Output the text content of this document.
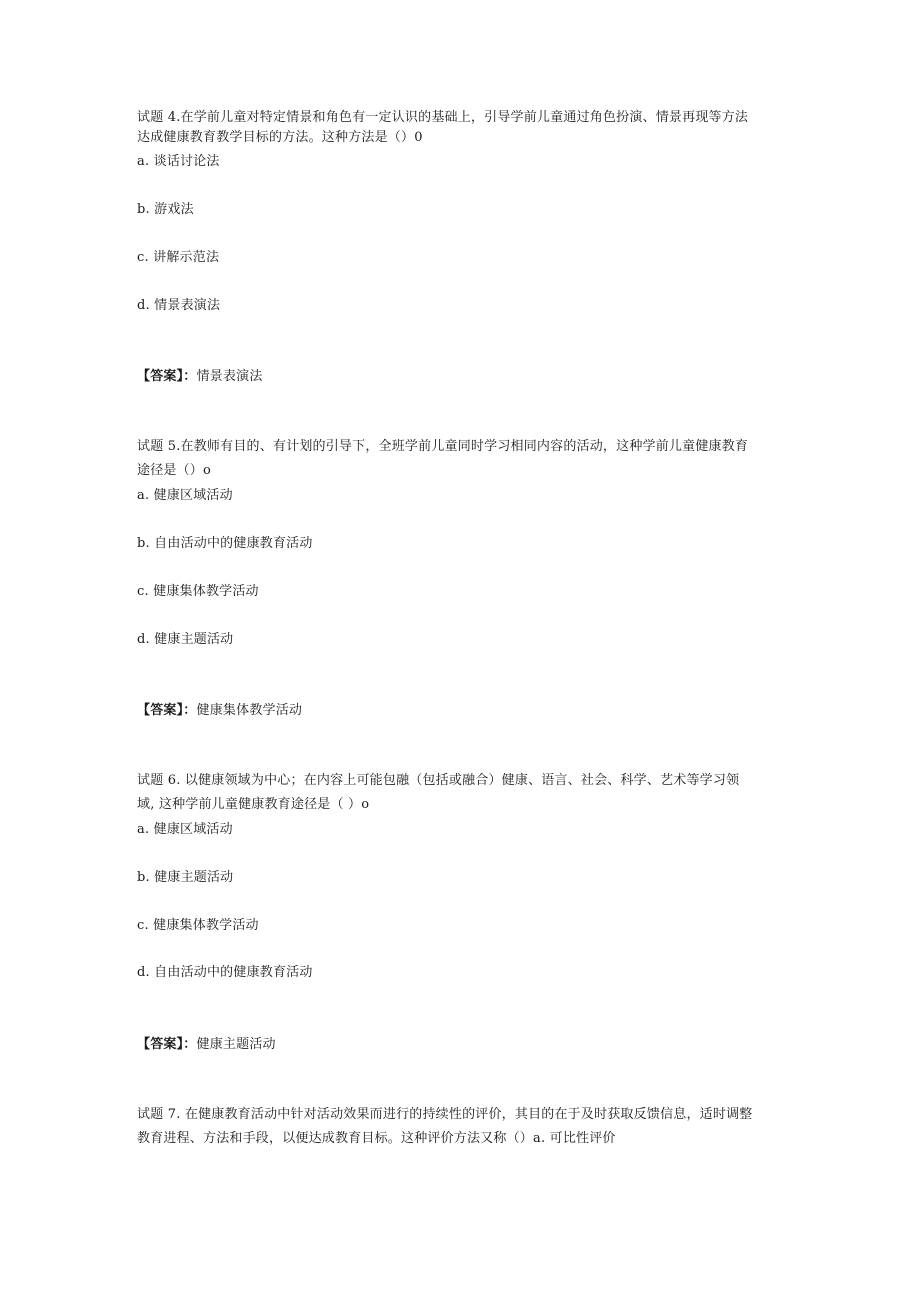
试题 4.在学前儿童对特定情景和角色有一定认识的基础上，引导学前儿童通过角色扮演、情景再现等方法
达成健康教育教学目标的方法。这种方法是（）0
a. 谈话讨论法
b. 游戏法
c. 讲解示范法
d. 情景表演法
【答案】：情景表演法
试题 5.在教师有目的、有计划的引导下，全班学前儿童同时学习相同内容的活动，这种学前儿童健康教育
途径是（）o
a. 健康区域活动
b. 自由活动中的健康教育活动
c. 健康集体教学活动
d. 健康主题活动
【答案】：健康集体教学活动
试题 6. 以健康领域为中心；在内容上可能包融（包括或融合）健康、语言、社会、科学、艺术等学习领
域, 这种学前儿童健康教育途径是（ ）o
a. 健康区域活动
b. 健康主题活动
c. 健康集体教学活动
d. 自由活动中的健康教育活动
【答案】：健康主题活动
试题 7. 在健康教育活动中针对活动效果而进行的持续性的评价，其目的在于及时获取反馈信息，适时调整
教育进程、方法和手段，以便达成教育目标。这种评价方法又称（）a. 可比性评价
